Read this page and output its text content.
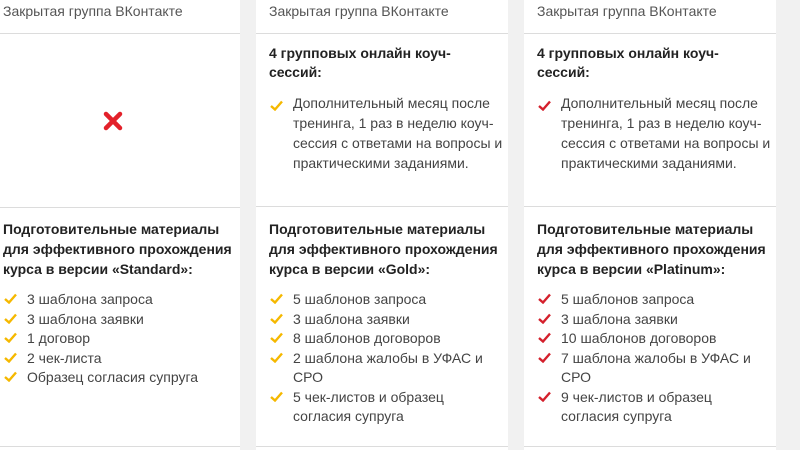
Закрытая группа ВКонтакте
Подготовительные материалы для эффективного прохождения курса в версии «Standard»:
3 шаблона запроса
3 шаблона заявки
1 договор
2 чек-листа
Образец согласия супруга
Закрытая группа ВКонтакте
4 групповых онлайн коуч-сессий:
Дополнительный месяц после тренинга, 1 раз в неделю коуч-сессия с ответами на вопросы и практическими заданиями.
Подготовительные материалы для эффективного прохождения курса в версии «Gold»:
5 шаблонов запроса
3 шаблона заявки
8 шаблонов договоров
2 шаблона жалобы в УФАС и СРО
5 чек-листов и образец согласия супруга
Закрытая группа ВКонтакте
4 групповых онлайн коуч-сессий:
Дополнительный месяц после тренинга, 1 раз в неделю коуч-сессия с ответами на вопросы и практическими заданиями.
Подготовительные материалы для эффективного прохождения курса в версии «Platinum»:
5 шаблонов запроса
3 шаблона заявки
10 шаблонов договоров
7 шаблона жалобы в УФАС и СРО
9 чек-листов и образец согласия супруга
